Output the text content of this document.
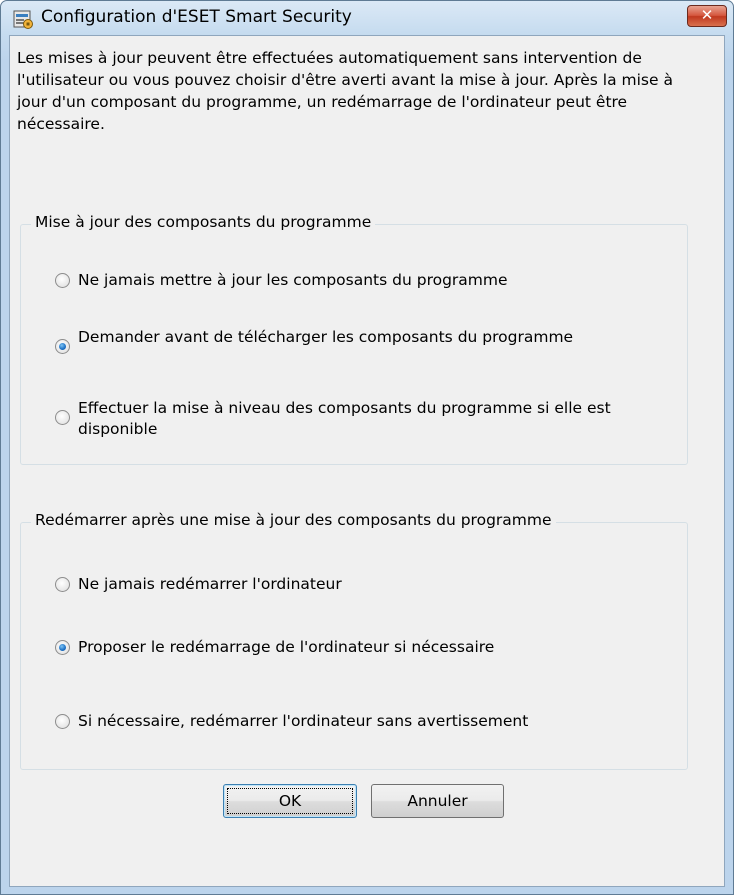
Configuration d'ESET Smart Security	✕

Les mises à jour peuvent être effectuées automatiquement sans intervention de l'utilisateur ou vous pouvez choisir d'être averti avant la mise à jour. Après la mise à jour d'un composant du programme, un redémarrage de l'ordinateur peut être nécessaire.

Mise à jour des composants du programme
Ne jamais mettre à jour les composants du programme
Demander avant de télécharger les composants du programme
Effectuer la mise à niveau des composants du programme si elle est disponible
Redémarrer après une mise à jour des composants du programme
Ne jamais redémarrer l'ordinateur
Proposer le redémarrage de l'ordinateur si nécessaire
Si nécessaire, redémarrer l'ordinateur sans avertissement
OK	Annuler
